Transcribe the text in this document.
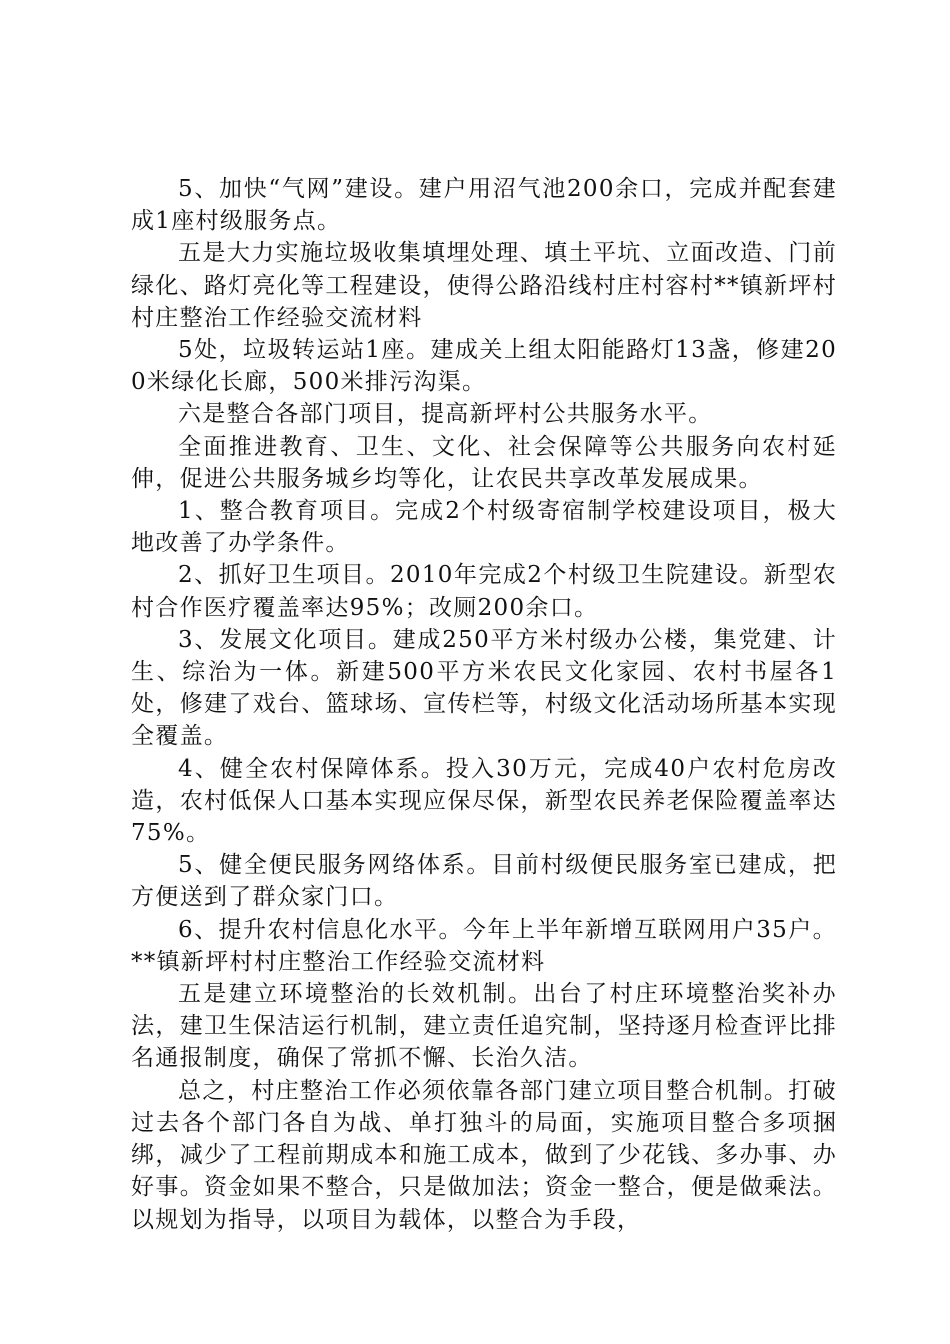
5、加快“气网”建设。建户用沼气池200余口，完成并配套建成1座村级服务点。

五是大力实施垃圾收集填埋处理、填土平坑、立面改造、门前绿化、路灯亮化等工程建设，使得公路沿线村庄村容村**镇新坪村村庄整治工作经验交流材料

5处，垃圾转运站1座。建成关上组太阳能路灯13盏，修建200米绿化长廊，500米排污沟渠。

六是整合各部门项目，提高新坪村公共服务水平。

全面推进教育、卫生、文化、社会保障等公共服务向农村延伸，促进公共服务城乡均等化，让农民共享改革发展成果。

1、整合教育项目。完成2个村级寄宿制学校建设项目，极大地改善了办学条件。

2、抓好卫生项目。2010年完成2个村级卫生院建设。新型农村合作医疗覆盖率达95%；改厕200余口。

3、发展文化项目。建成250平方米村级办公楼，集党建、计生、综治为一体。新建500平方米农民文化家园、农村书屋各1处，修建了戏台、篮球场、宣传栏等，村级文化活动场所基本实现全覆盖。

4、健全农村保障体系。投入30万元，完成40户农村危房改造，农村低保人口基本实现应保尽保，新型农民养老保险覆盖率达75%。

5、健全便民服务网络体系。目前村级便民服务室已建成，把方便送到了群众家门口。

6、提升农村信息化水平。今年上半年新增互联网用户35户。**镇新坪村村庄整治工作经验交流材料

五是建立环境整治的长效机制。出台了村庄环境整治奖补办法，建卫生保洁运行机制，建立责任追究制，坚持逐月检查评比排名通报制度，确保了常抓不懈、长治久洁。

总之，村庄整治工作必须依靠各部门建立项目整合机制。打破过去各个部门各自为战、单打独斗的局面，实施项目整合多项捆绑，减少了工程前期成本和施工成本，做到了少花钱、多办事、办好事。资金如果不整合，只是做加法；资金一整合，便是做乘法。以规划为指导，以项目为载体，以整合为手段，
